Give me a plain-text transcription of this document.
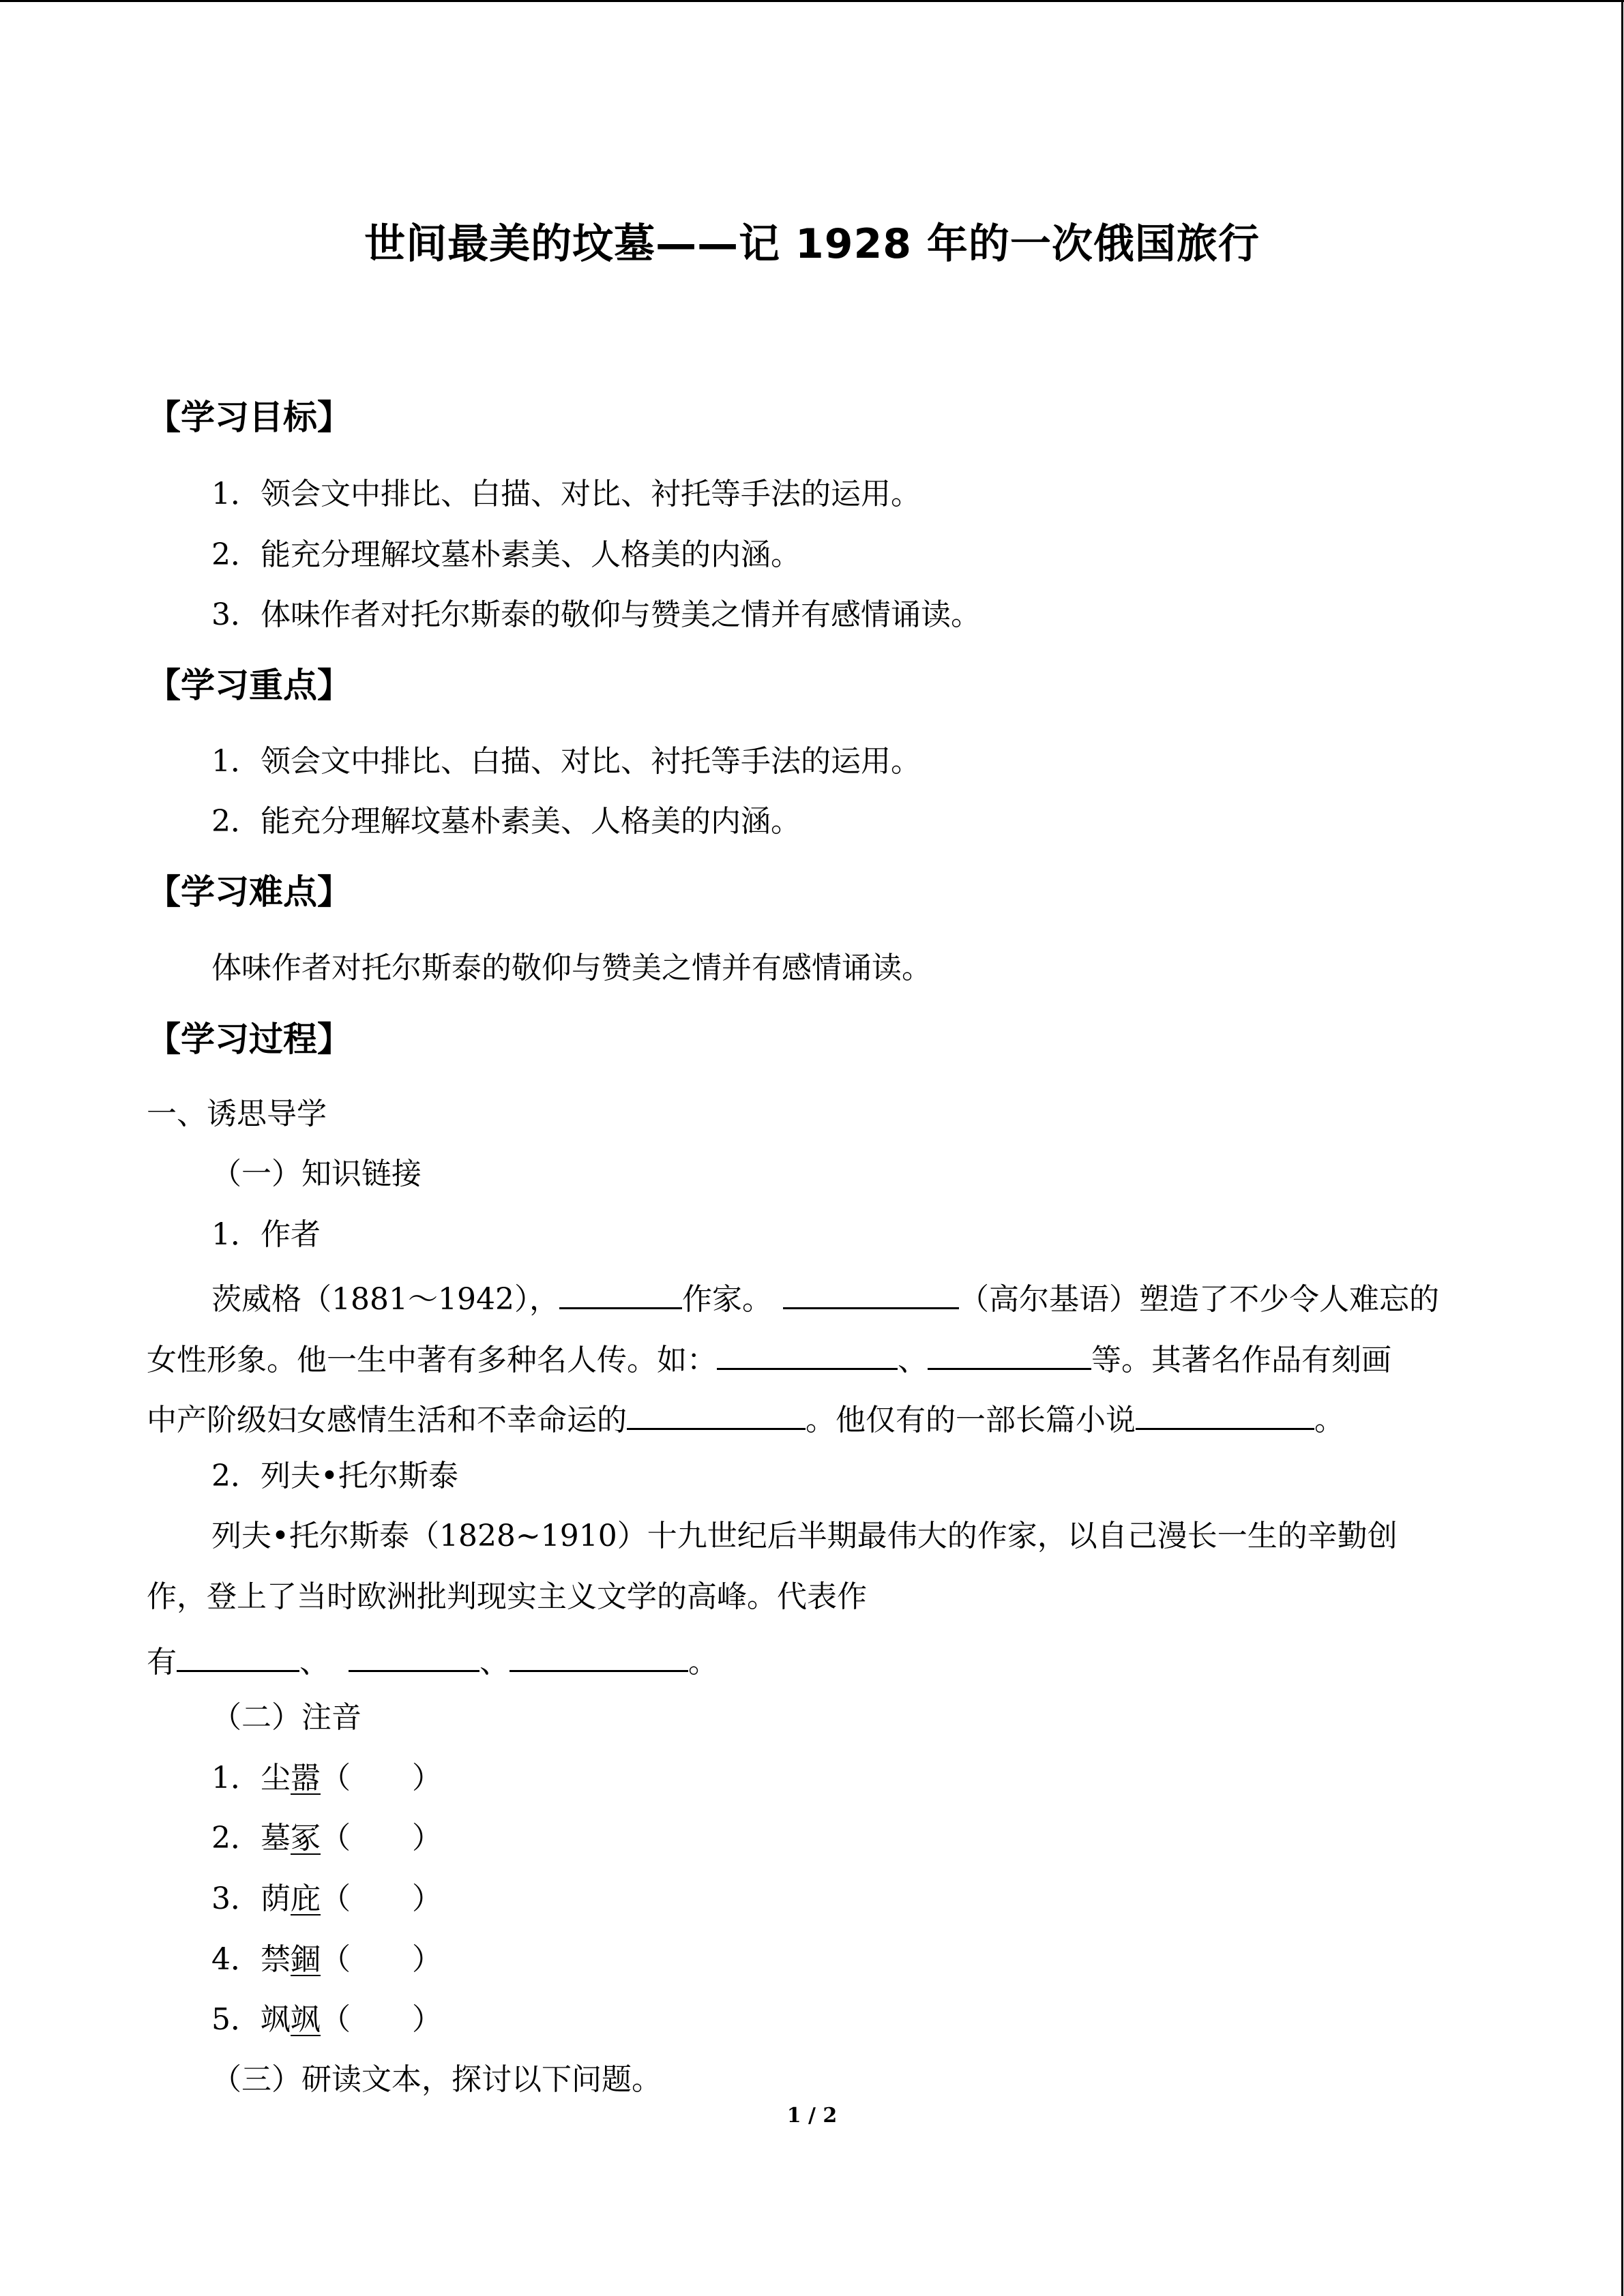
世间最美的坟墓——记 1928 年的一次俄国旅行
【学习目标】
1．领会文中排比、白描、对比、衬托等手法的运用。
2．能充分理解坟墓朴素美、人格美的内涵。
3．体味作者对托尔斯泰的敬仰与赞美之情并有感情诵读。
【学习重点】
1．领会文中排比、白描、对比、衬托等手法的运用。
2．能充分理解坟墓朴素美、人格美的内涵。
【学习难点】
体味作者对托尔斯泰的敬仰与赞美之情并有感情诵读。
【学习过程】
一、诱思导学
（一）知识链接
1．作者
茨威格（1881～1942），	作家。	（高尔基语）塑造了不少令人难忘的
女性形象。他一生中著有多种名人传。如：	、	等。其著名作品有刻画
中产阶级妇女感情生活和不幸命运的	。他仅有的一部长篇小说	。
2．列夫•托尔斯泰
列夫•托尔斯泰（1828~1910）十九世纪后半期最伟大的作家，以自己漫长一生的辛勤创
作，登上了当时欧洲批判现实主义文学的高峰。代表作
有	、	、	。
（二）注音
1．尘嚣（ ）
2．墓冢（ ）
3．荫庇（ ）
4．禁錮（ ）
5．飒飒（ ）
（三）研读文本，探讨以下问题。
1 / 2
